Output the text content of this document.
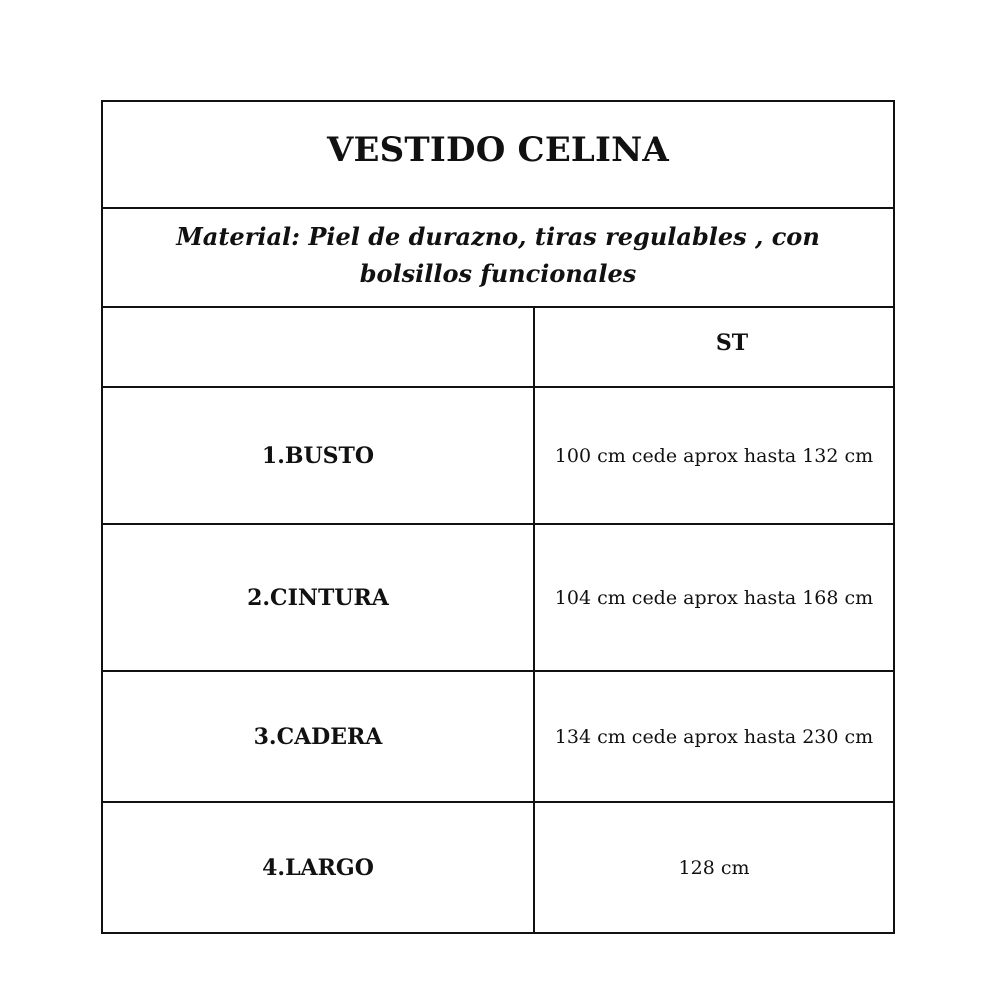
VESTIDO CELINA
Material: Piel de durazno, tiras regulables , con bolsillos funcionales
ST
1.BUSTO	100 cm cede aprox hasta 132 cm
2.CINTURA	104 cm cede aprox hasta 168 cm
3.CADERA	134 cm cede aprox hasta 230 cm
4.LARGO	128 cm
